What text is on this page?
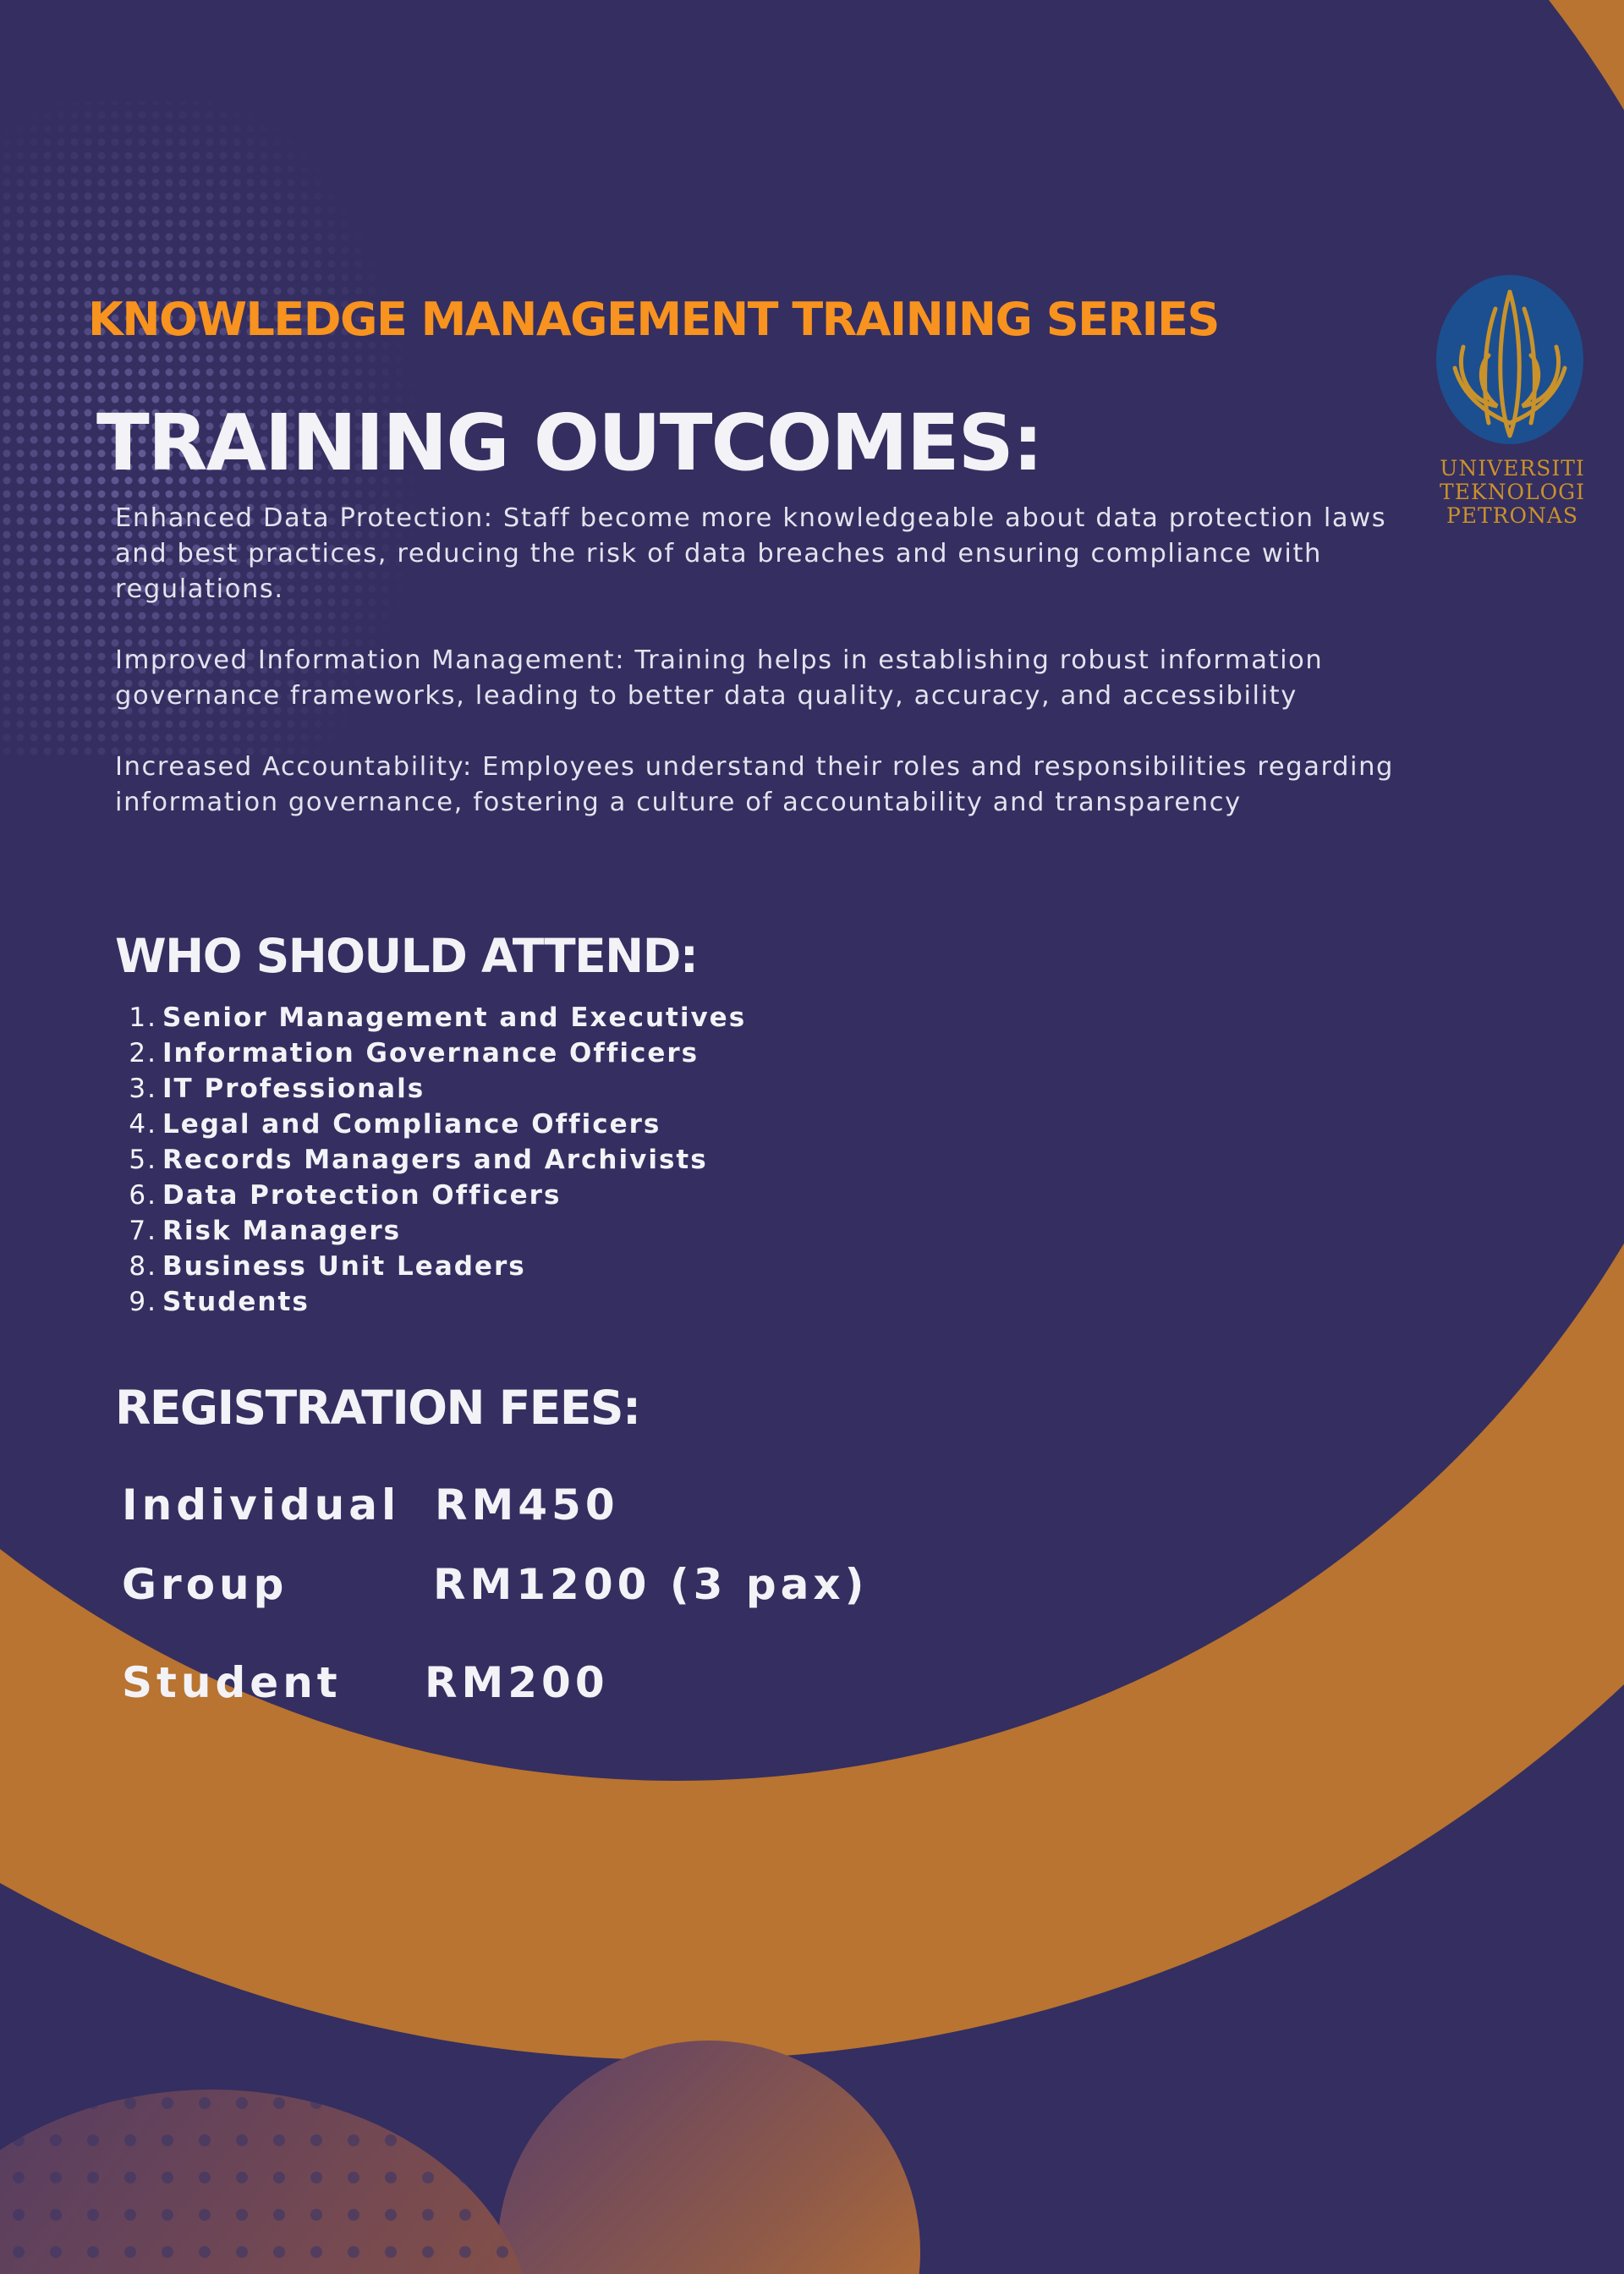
UNIVERSITI
TEKNOLOGI
PETRONAS
KNOWLEDGE MANAGEMENT TRAINING SERIES
TRAINING OUTCOMES:

Enhanced Data Protection: Staff become more knowledgeable about data protection laws and best practices, reducing the risk of data breaches and ensuring compliance with regulations.

Improved Information Management: Training helps in establishing robust information governance frameworks, leading to better data quality, accuracy, and accessibility

Increased Accountability: Employees understand their roles and responsibilities regarding information governance, fostering a culture of accountability and transparency

WHO SHOULD ATTEND:
1. Senior Management and Executives
2. Information Governance Officers
3. IT Professionals
4. Legal and Compliance Officers
5. Records Managers and Archivists
6. Data Protection Officers
7. Risk Managers
8. Business Unit Leaders
9. Students
REGISTRATION FEES:
Individual RM450
Group	RM1200 (3 pax)
Student RM200
